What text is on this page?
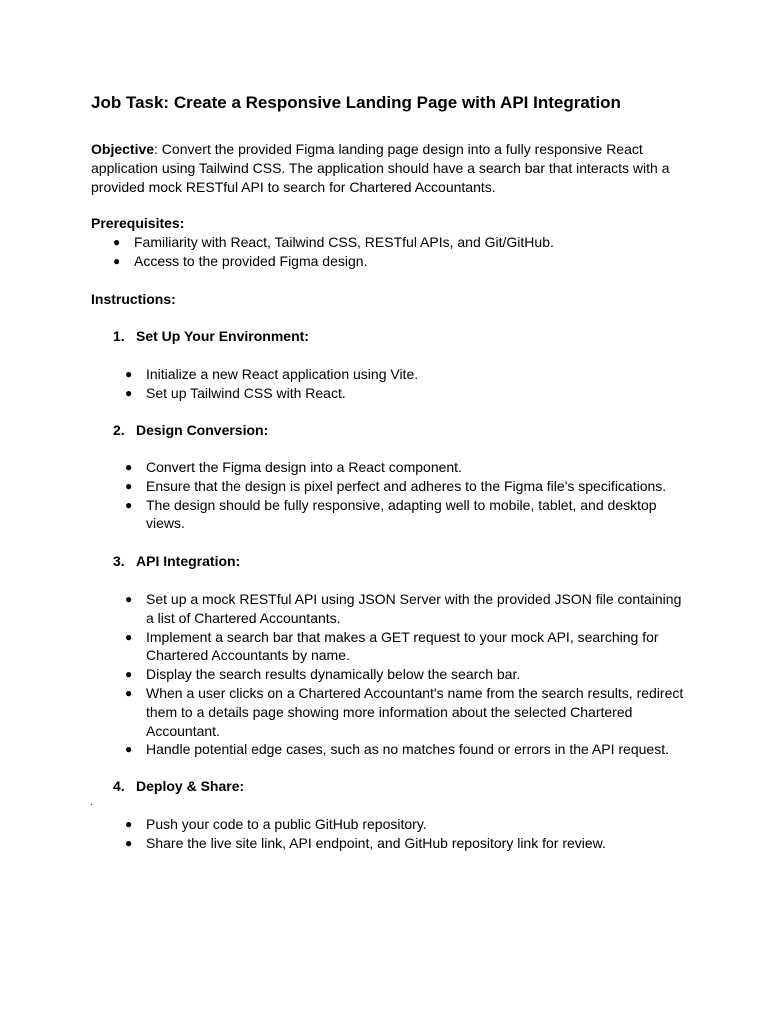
Job Task: Create a Responsive Landing Page with API Integration

Objective: Convert the provided Figma landing page design into a fully responsive React application using Tailwind CSS. The application should have a search bar that interacts with a provided mock RESTful API to search for Chartered Accountants.

Prerequisites:
● Familiarity with React, Tailwind CSS, RESTful APIs, and Git/GitHub.
● Access to the provided Figma design.
Instructions:
1. Set Up Your Environment:
● Initialize a new React application using Vite.
● Set up Tailwind CSS with React.
2. Design Conversion:
● Convert the Figma design into a React component.
● Ensure that the design is pixel perfect and adheres to the Figma file's specifications.
● The design should be fully responsive, adapting well to mobile, tablet, and desktop views.
3. API Integration:
● Set up a mock RESTful API using JSON Server with the provided JSON file containing a list of Chartered Accountants.
● Implement a search bar that makes a GET request to your mock API, searching for Chartered Accountants by name.
● Display the search results dynamically below the search bar.
● When a user clicks on a Chartered Accountant's name from the search results, redirect them to a details page showing more information about the selected Chartered Accountant.
● Handle potential edge cases, such as no matches found or errors in the API request.
4. Deploy & Share:
.
● Push your code to a public GitHub repository.
● Share the live site link, API endpoint, and GitHub repository link for review.
